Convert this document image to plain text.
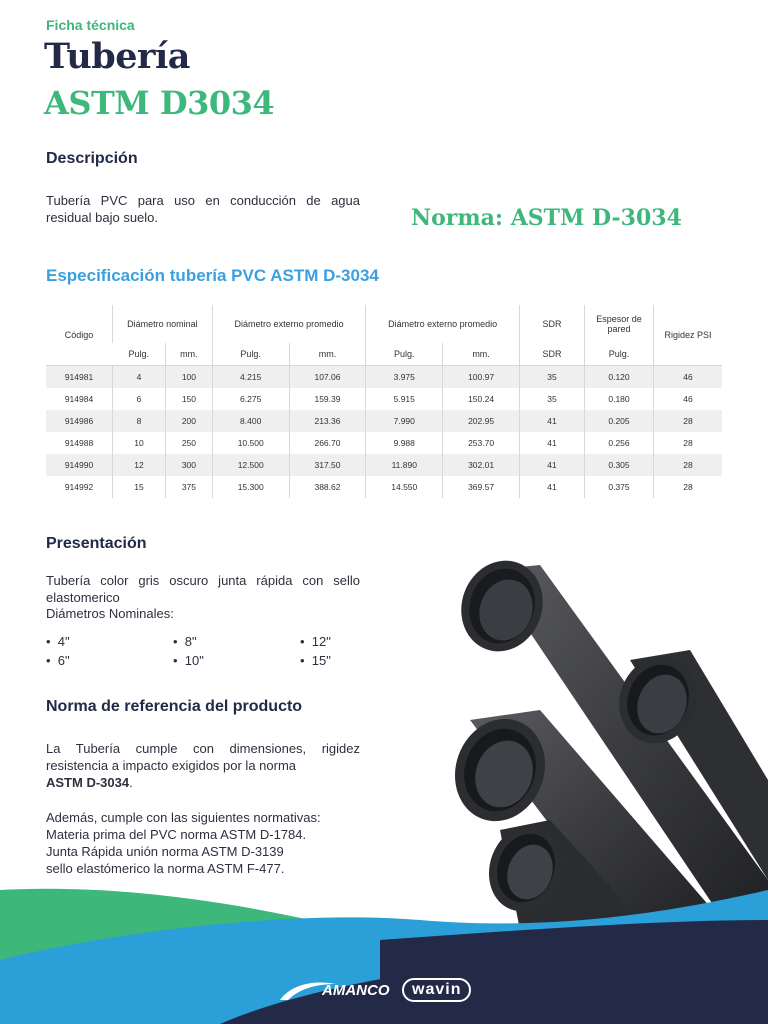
Ficha técnica
Tubería
ASTM D3034
Descripción
Tubería PVC para uso en conducción de agua residual bajo suelo.	Norma: ASTM D-3034
Especificación tubería PVC ASTM D-3034
Código	Diámetro nominal		Diámetro externo promedio		Diámetro externo promedio		SDR	Espesor de pared	Rigidez PSI
	Pulg.	mm.	Pulg.	mm.	Pulg.	mm.	SDR	Pulg.	
914981	4	100	4.215	107.06	3.975	100.97	35	0.120	46
914984	6	150	6.275	159.39	5.915	150.24	35	0.180	46
914986	8	200	8.400	213.36	7.990	202.95	41	0.205	28
914988	10	250	10.500	266.70	9.988	253.70	41	0.256	28
914990	12	300	12.500	317.50	11.890	302.01	41	0.305	28
914992	15	375	15.300	388.62	14.550	369.57	41	0.375	28
Presentación
Tubería color gris oscuro junta rápida con sello elastomerico
Diámetros Nominales:
•  4"	•  8"	•  12"
•  6"	•  10"	•  15"
Norma de referencia del producto
La Tubería cumple con dimensiones, rigidez resistencia a impacto exigidos por la norma
ASTM D-3034.
Además, cumple con las siguientes normativas:
Materia prima del PVC norma ASTM D-1784.
Junta Rápida unión norma ASTM D-3139
sello elastómerico la norma ASTM F-477.
AMANCO	wavin
